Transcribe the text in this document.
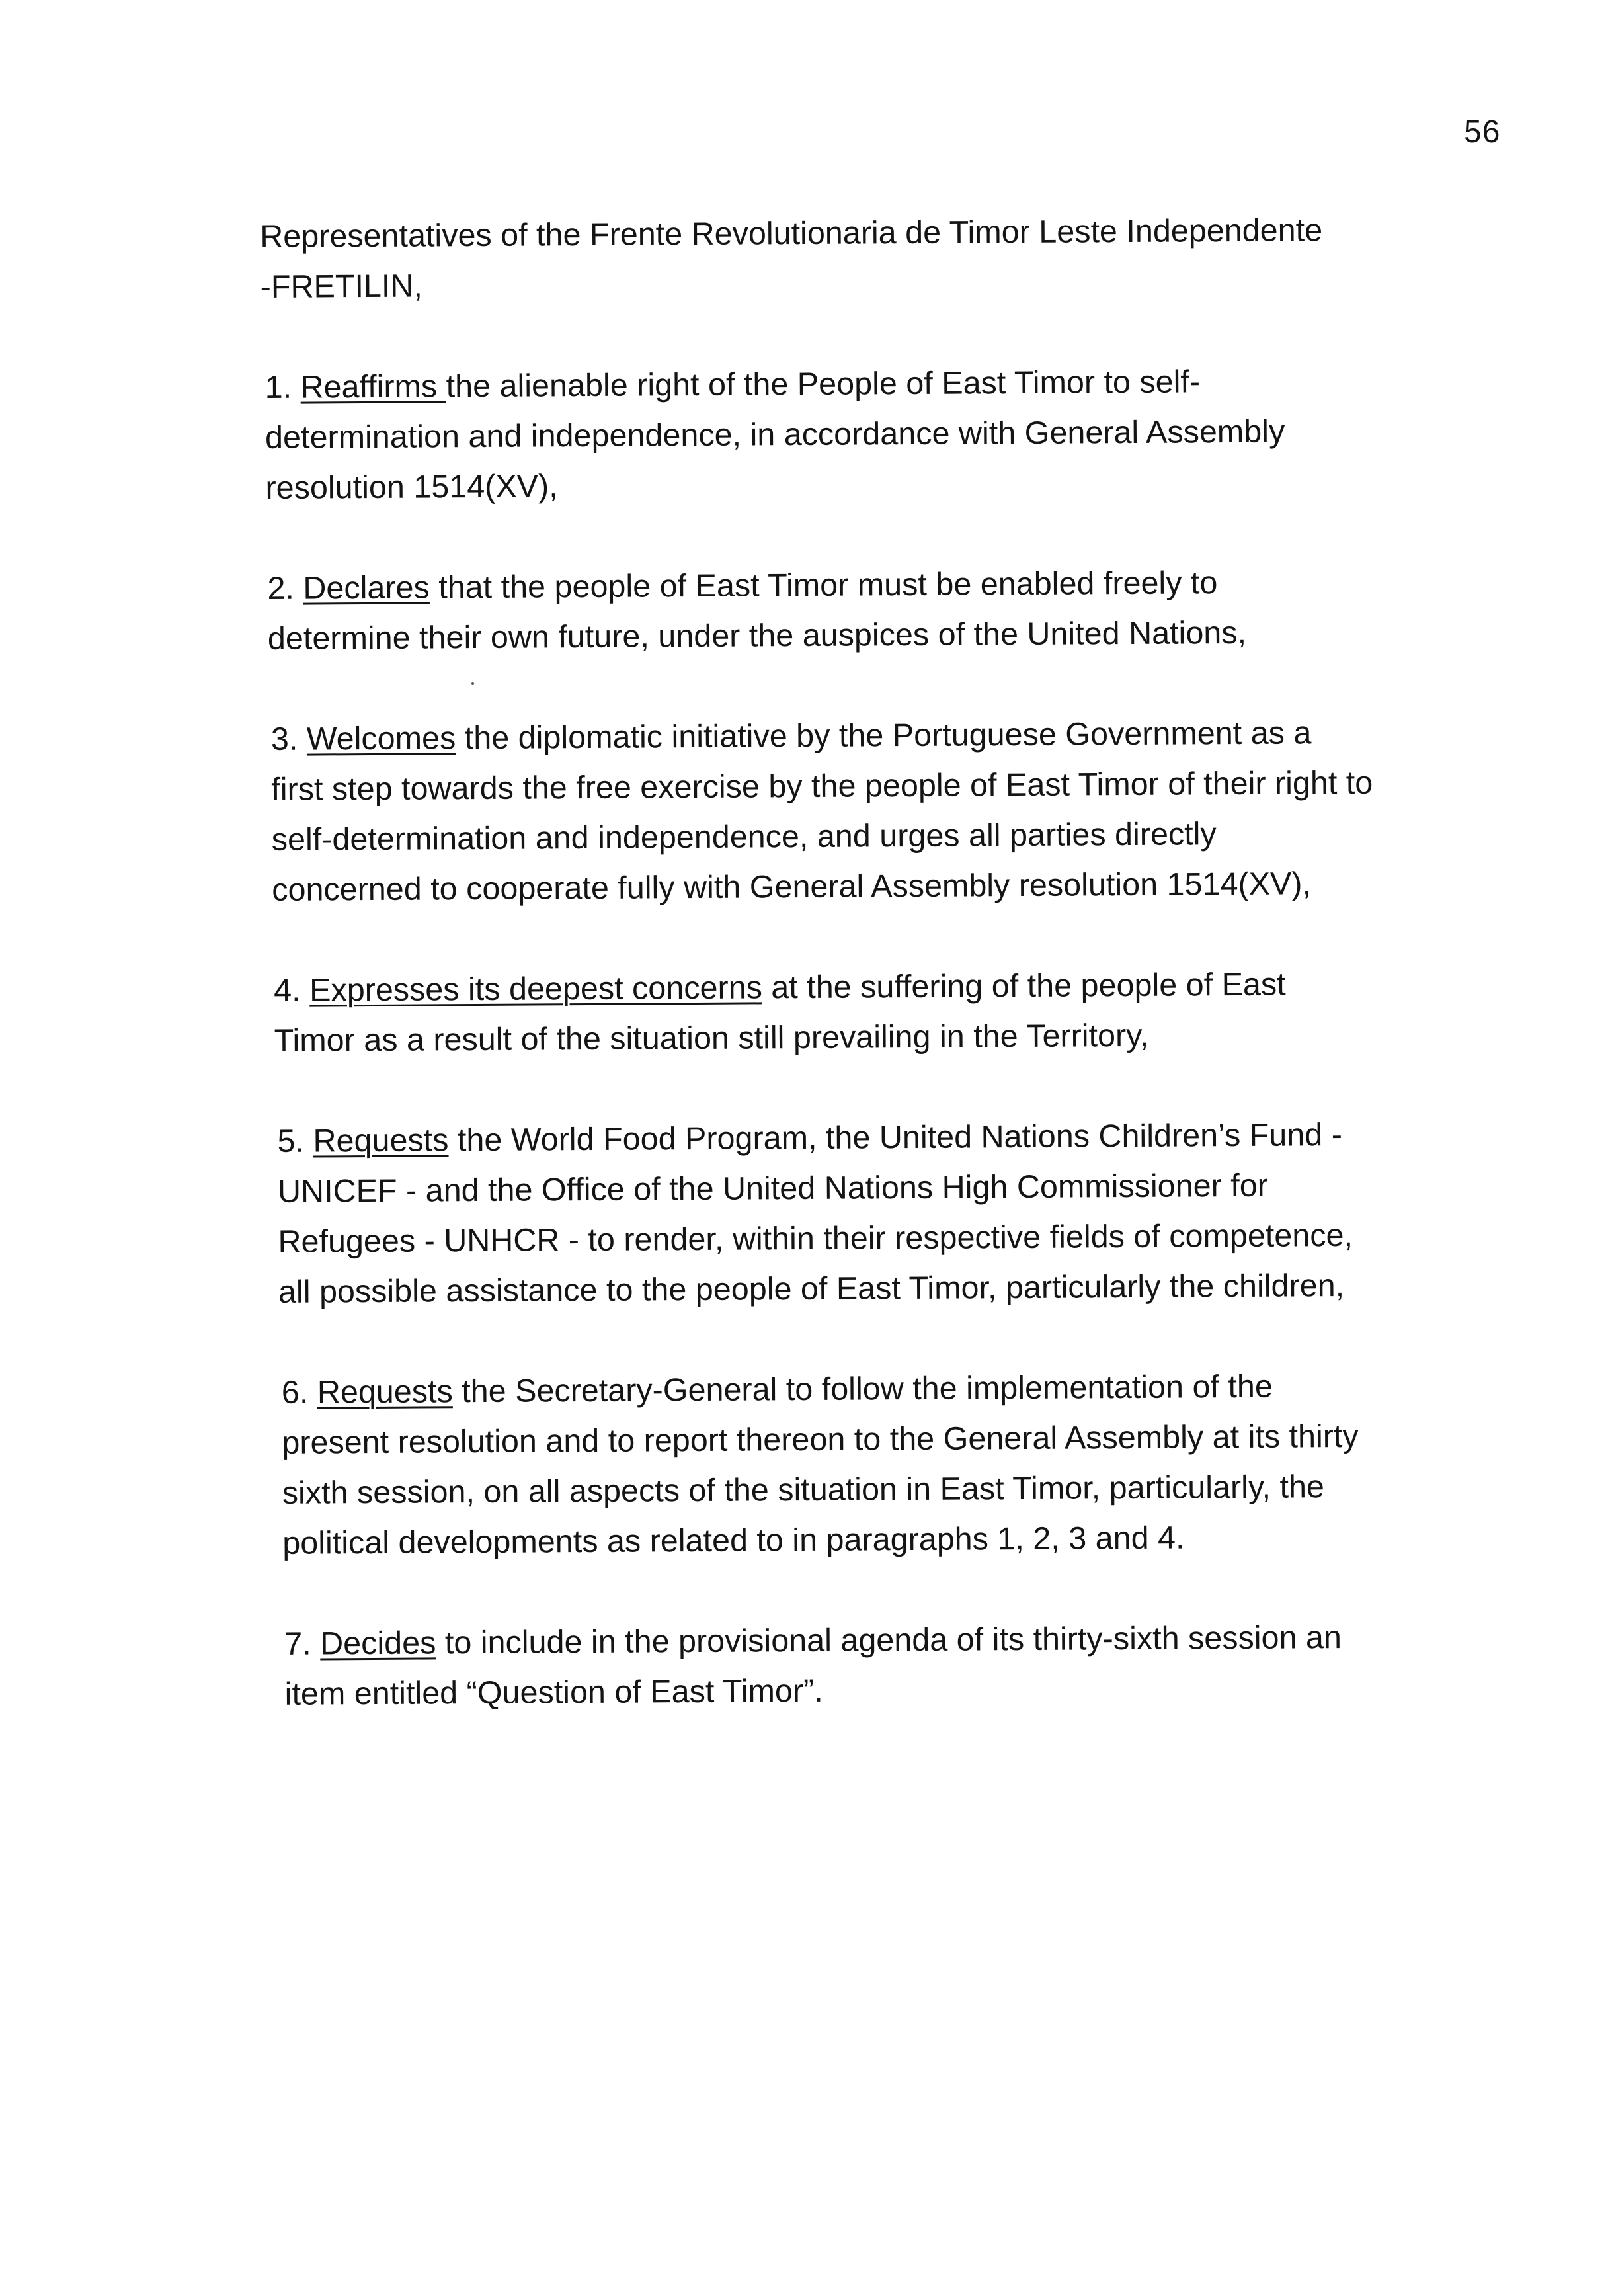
56
Representatives of the Frente Revolutionaria de Timor Leste Independente
-FRETILIN,
1. Reaffirms the alienable right of the People of East Timor to self-
determination and independence, in accordance with General Assembly
resolution 1514(XV),
2. Declares that the people of East Timor must be enabled freely to
determine their own future, under the auspices of the United Nations,
3. Welcomes the diplomatic initiative by the Portuguese Government as a
first step towards the free exercise by the people of East Timor of their right to
self-determination and independence, and urges all parties directly
concerned to cooperate fully with General Assembly resolution 1514(XV),
4. Expresses its deepest concerns at the suffering of the people of East
Timor as a result of the situation still prevailing in the Territory,
5. Requests the World Food Program, the United Nations Children’s Fund -
UNICEF - and the Office of the United Nations High Commissioner for
Refugees - UNHCR - to render, within their respective fields of competence,
all possible assistance to the people of East Timor, particularly the children,
6. Requests the Secretary-General to follow the implementation of the
present resolution and to report thereon to the General Assembly at its thirty
sixth session, on all aspects of the situation in East Timor, particularly, the
political developments as related to in paragraphs 1, 2, 3 and 4.
7. Decides to include in the provisional agenda of its thirty-sixth session an
item entitled “Question of East Timor”.
